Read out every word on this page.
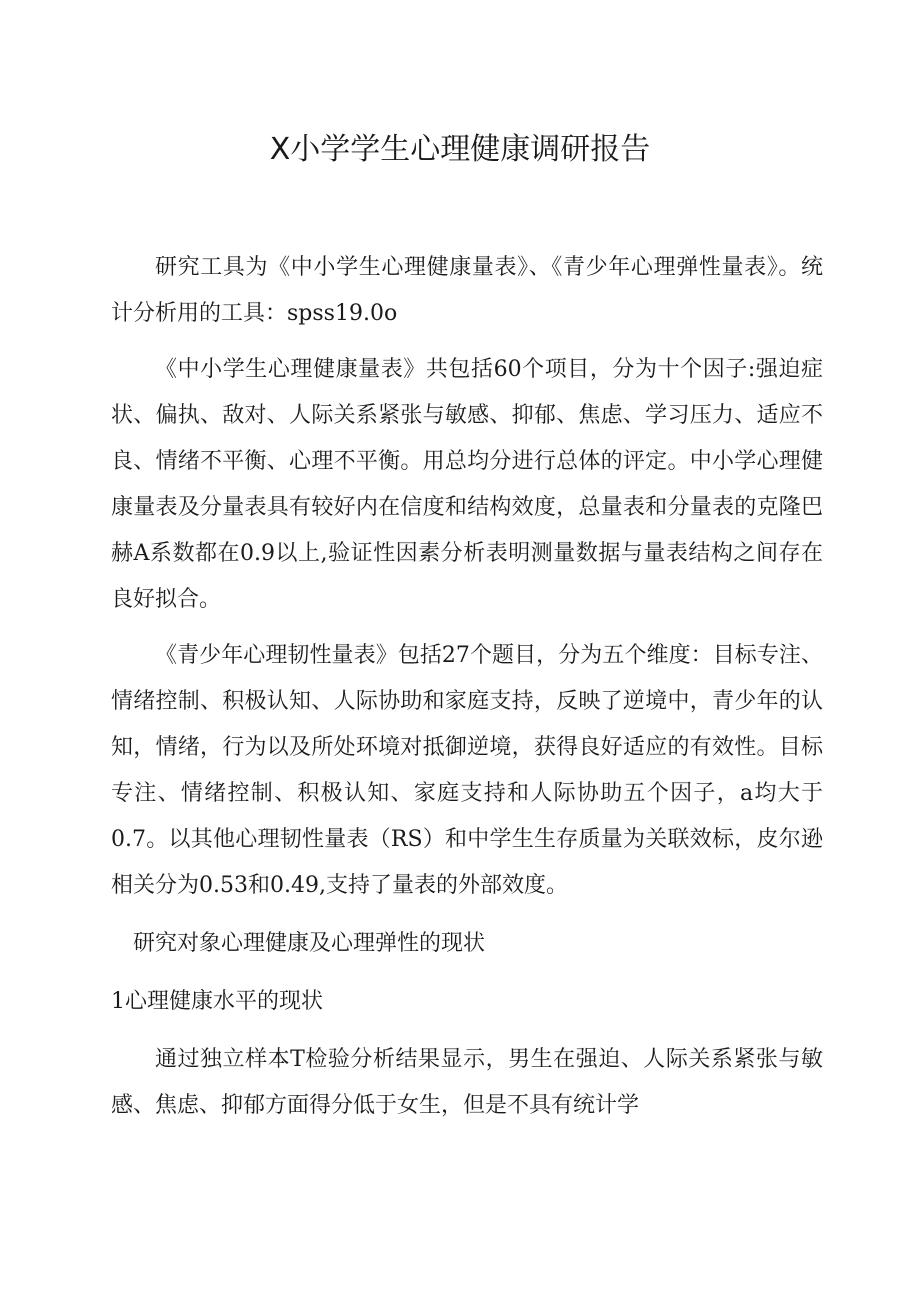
X小学学生心理健康调研报告

研究工具为《中小学生心理健康量表》、《青少年心理弹性量表》。统计分析用的工具：spss19.0o

《中小学生心理健康量表》共包括60个项目，分为十个因子:强迫症状、偏执、敌对、人际关系紧张与敏感、抑郁、焦虑、学习压力、适应不良、情绪不平衡、心理不平衡。用总均分进行总体的评定。中小学心理健康量表及分量表具有较好内在信度和结构效度，总量表和分量表的克隆巴赫A系数都在0.9以上,验证性因素分析表明测量数据与量表结构之间存在良好拟合。

《青少年心理韧性量表》包括27个题目，分为五个维度：目标专注、情绪控制、积极认知、人际协助和家庭支持，反映了逆境中，青少年的认知，情绪，行为以及所处环境对抵御逆境，获得良好适应的有效性。目标专注、情绪控制、积极认知、家庭支持和人际协助五个因子，a均大于0.7。以其他心理韧性量表（RS）和中学生生存质量为关联效标，皮尔逊相关分为0.53和0.49,支持了量表的外部效度。

研究对象心理健康及心理弹性的现状
1心理健康水平的现状

通过独立样本T检验分析结果显示，男生在强迫、人际关系紧张与敏感、焦虑、抑郁方面得分低于女生，但是不具有统计学
